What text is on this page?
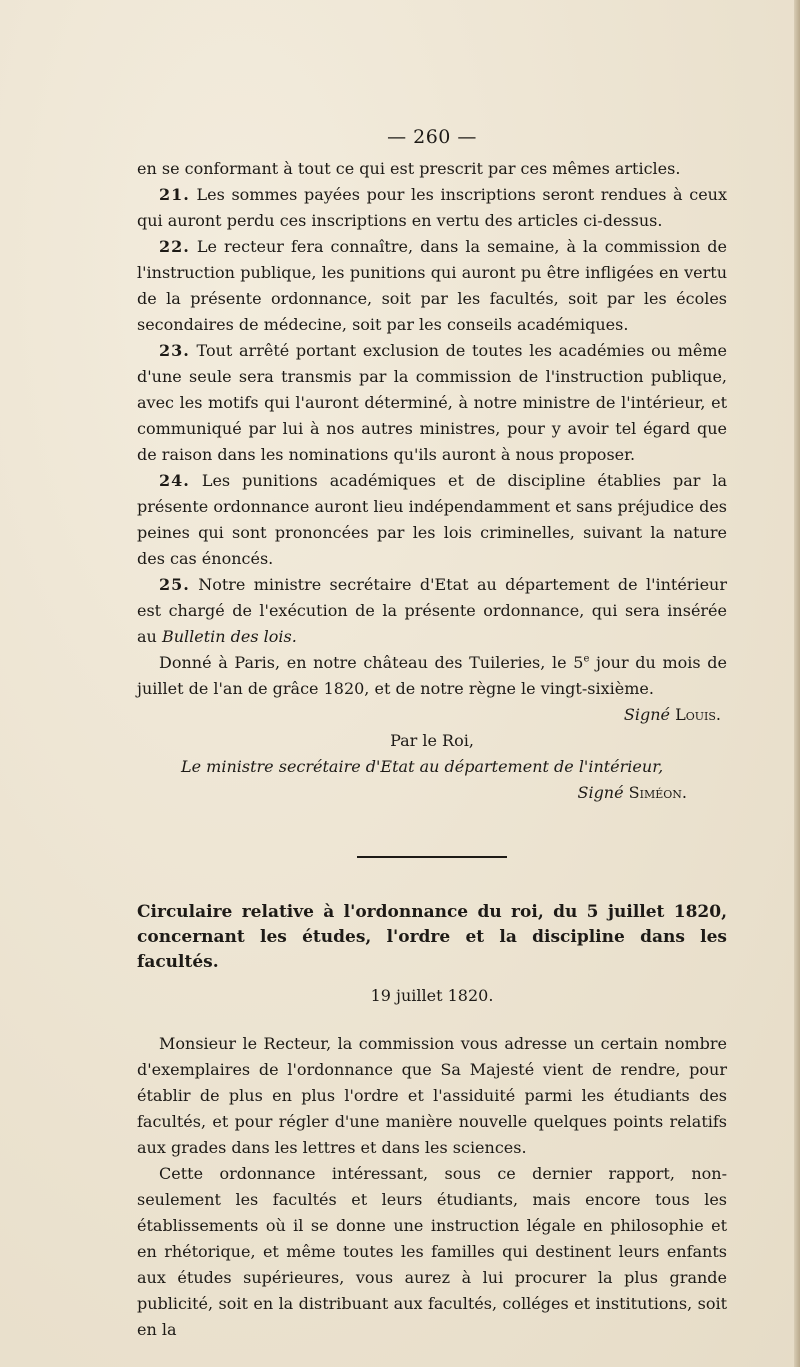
— 260 —

en se conformant à tout ce qui est prescrit par ces mêmes articles.

21. Les sommes payées pour les inscriptions seront rendues à ceux qui auront perdu ces inscriptions en vertu des articles ci-dessus.

22. Le recteur fera connaître, dans la semaine, à la commission de l'instruction publique, les punitions qui auront pu être infligées en vertu de la présente ordonnance, soit par les facultés, soit par les écoles secondaires de médecine, soit par les conseils académiques.

23. Tout arrêté portant exclusion de toutes les académies ou même d'une seule sera transmis par la commission de l'instruction publique, avec les motifs qui l'auront déterminé, à notre ministre de l'intérieur, et communiqué par lui à nos autres ministres, pour y avoir tel égard que de raison dans les nominations qu'ils auront à nous proposer.

24. Les punitions académiques et de discipline établies par la présente ordonnance auront lieu indépendamment et sans préjudice des peines qui sont prononcées par les lois criminelles, suivant la nature des cas énoncés.

25. Notre ministre secrétaire d'Etat au département de l'intérieur est chargé de l'exécution de la présente ordonnance, qui sera insérée au Bulletin des lois.

Donné à Paris, en notre château des Tuileries, le 5e jour du mois de juillet de l'an de grâce 1820, et de notre règne le vingt-sixième.

Signé Louis.

Par le Roi,

Le ministre secrétaire d'Etat au département de l'intérieur,

Signé Siméon.

Circulaire relative à l'ordonnance du roi, du 5 juillet 1820, concernant les études, l'ordre et la discipline dans les facultés.
19 juillet 1820.

Monsieur le Recteur, la commission vous adresse un certain nombre d'exemplaires de l'ordonnance que Sa Majesté vient de rendre, pour établir de plus en plus l'ordre et l'assiduité parmi les étudiants des facultés, et pour régler d'une manière nouvelle quelques points relatifs aux grades dans les lettres et dans les sciences.

Cette ordonnance intéressant, sous ce dernier rapport, non-seulement les facultés et leurs étudiants, mais encore tous les établissements où il se donne une instruction légale en philosophie et en rhétorique, et même toutes les familles qui destinent leurs enfants aux études supérieures, vous aurez à lui procurer la plus grande publicité, soit en la distribuant aux facultés, colléges et institutions, soit en la
